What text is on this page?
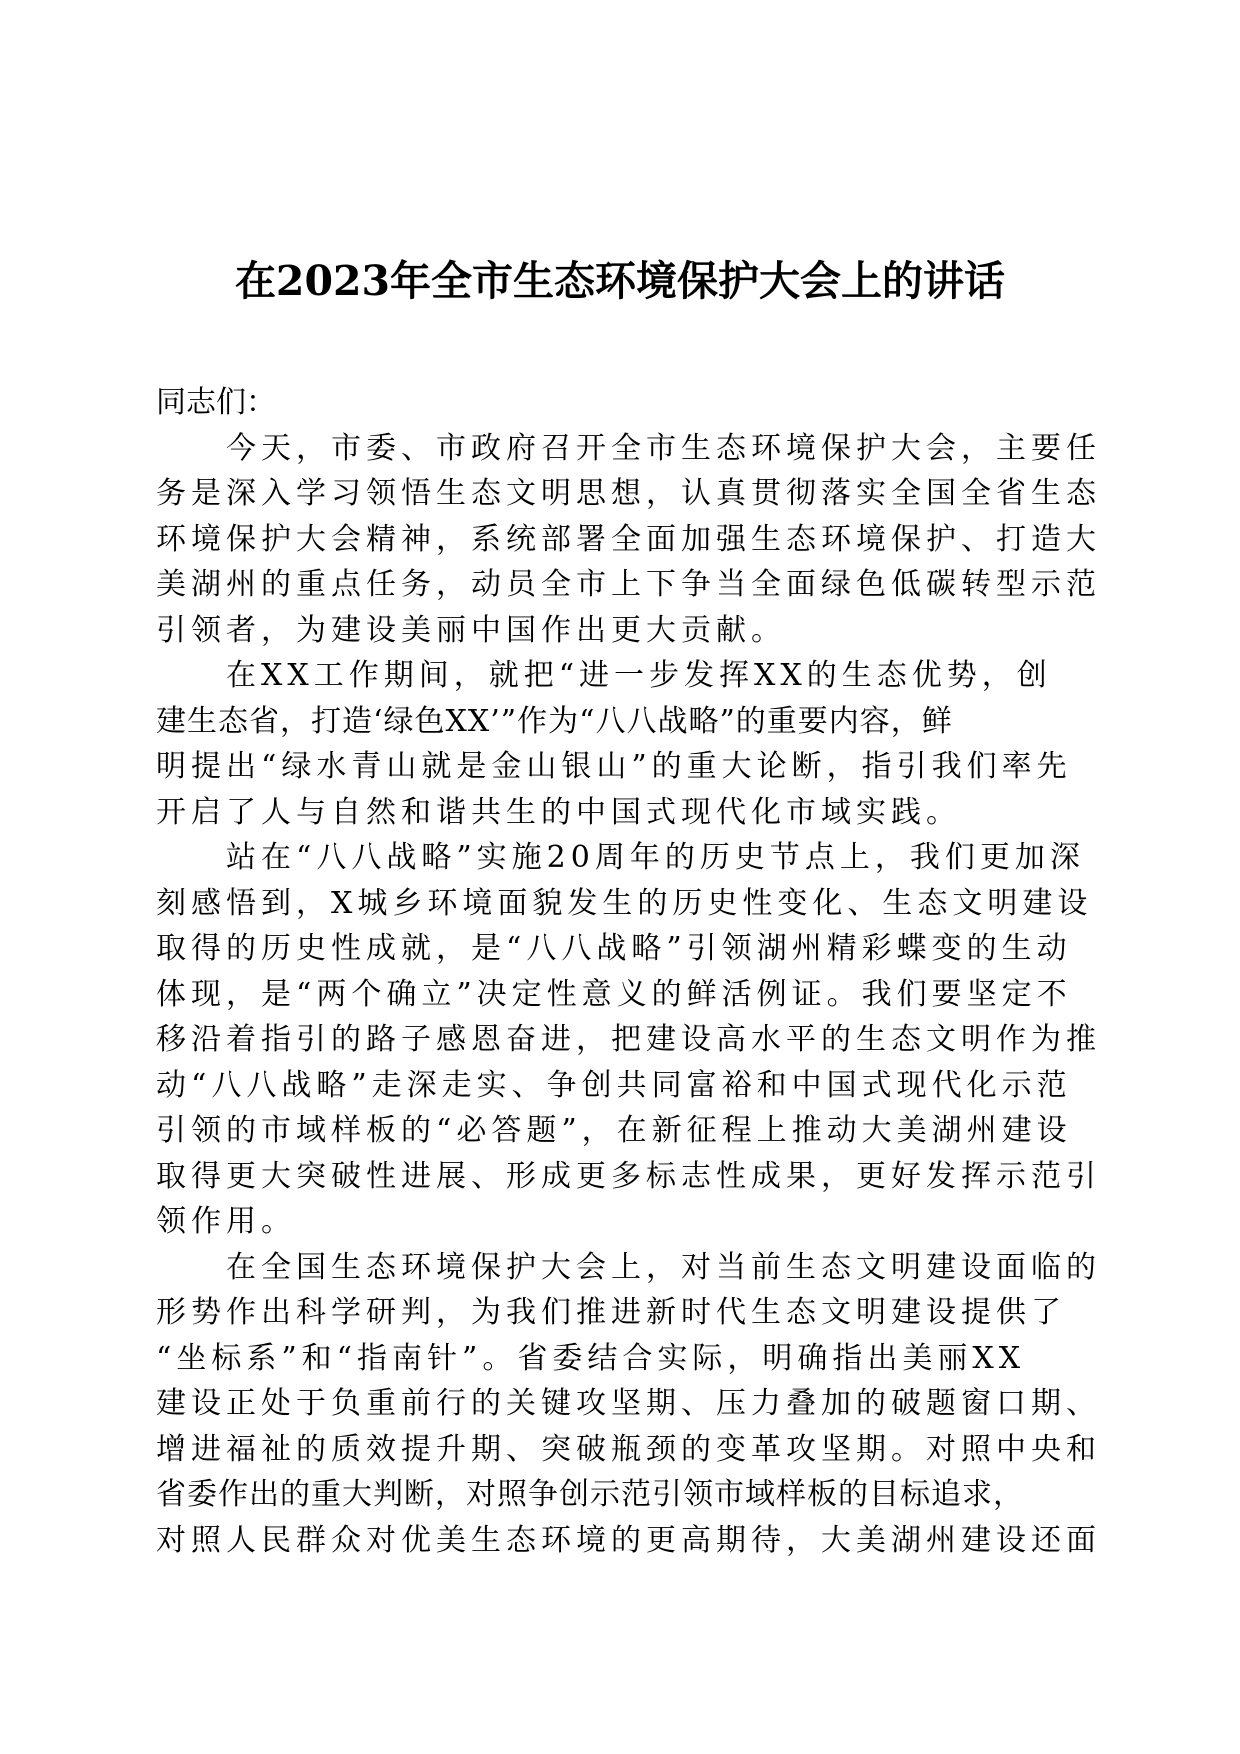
在2023年全市生态环境保护大会上的讲话

同志们：

今天，市委、市政府召开全市生态环境保护大会，主要任
务是深入学习领悟生态文明思想，认真贯彻落实全国全省生态
环境保护大会精神，系统部署全面加强生态环境保护、打造大
美湖州的重点任务，动员全市上下争当全面绿色低碳转型示范
引领者，为建设美丽中国作出更大贡献。

在XX工作期间，就把“进一步发挥XX的生态优势，创
建生态省，打造‘绿色XX’”作为“八八战略”的重要内容，鲜
明提出“绿水青山就是金山银山”的重大论断，指引我们率先
开启了人与自然和谐共生的中国式现代化市域实践。

站在“八八战略”实施20周年的历史节点上，我们更加深
刻感悟到，X城乡环境面貌发生的历史性变化、生态文明建设
取得的历史性成就，是“八八战略”引领湖州精彩蝶变的生动
体现，是“两个确立”决定性意义的鲜活例证。我们要坚定不
移沿着指引的路子感恩奋进，把建设高水平的生态文明作为推
动“八八战略”走深走实、争创共同富裕和中国式现代化示范
引领的市域样板的“必答题”，在新征程上推动大美湖州建设
取得更大突破性进展、形成更多标志性成果，更好发挥示范引
领作用。

在全国生态环境保护大会上，对当前生态文明建设面临的
形势作出科学研判，为我们推进新时代生态文明建设提供了
“坐标系”和“指南针”。省委结合实际，明确指出美丽XX
建设正处于负重前行的关键攻坚期、压力叠加的破题窗口期、
增进福祉的质效提升期、突破瓶颈的变革攻坚期。对照中央和
省委作出的重大判断，对照争创示范引领市域样板的目标追求，
对照人民群众对优美生态环境的更高期待，大美湖州建设还面
